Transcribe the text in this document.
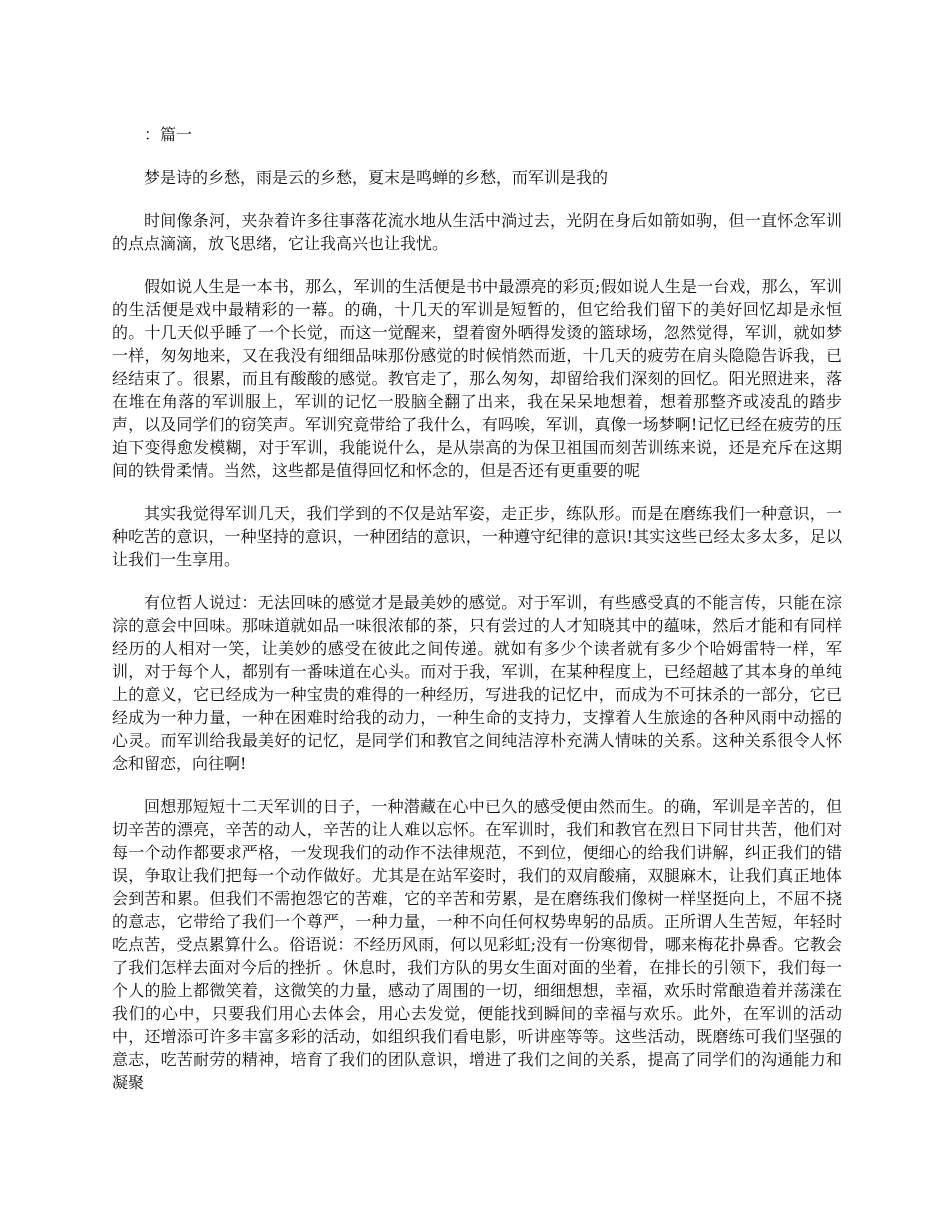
：篇一

梦是诗的乡愁，雨是云的乡愁，夏末是鸣蝉的乡愁，而军训是我的

时间像条河，夹杂着许多往事落花流水地从生活中淌过去，光阴在身后如箭如驹，但一直怀念军训的点点滴滴，放飞思绪，它让我高兴也让我忧。

假如说人生是一本书，那么，军训的生活便是书中最漂亮的彩页;假如说人生是一台戏，那么，军训的生活便是戏中最精彩的一幕。的确，十几天的军训是短暂的，但它给我们留下的美好回忆却是永恒的。十几天似乎睡了一个长觉，而这一觉醒来，望着窗外晒得发烫的篮球场，忽然觉得，军训，就如梦一样，匆匆地来，又在我没有细细品味那份感觉的时候悄然而逝，十几天的疲劳在肩头隐隐告诉我，已经结束了。很累，而且有酸酸的感觉。教官走了，那么匆匆，却留给我们深刻的回忆。阳光照进来，落在堆在角落的军训服上，军训的记忆一股脑全翻了出来，我在呆呆地想着，想着那整齐或凌乱的踏步声，以及同学们的窃笑声。军训究竟带给了我什么，有吗唉，军训，真像一场梦啊!记忆已经在疲劳的压迫下变得愈发模糊，对于军训，我能说什么，是从崇高的为保卫祖国而刻苦训练来说，还是充斥在这期间的铁骨柔情。当然，这些都是值得回忆和怀念的，但是否还有更重要的呢

其实我觉得军训几天，我们学到的不仅是站军姿，走正步，练队形。而是在磨练我们一种意识，一种吃苦的意识，一种坚持的意识，一种团结的意识，一种遵守纪律的意识!其实这些已经太多太多，足以让我们一生享用。

有位哲人说过：无法回味的感觉才是最美妙的感觉。对于军训，有些感受真的不能言传，只能在淙淙的意会中回味。那味道就如品一味很浓郁的茶，只有尝过的人才知晓其中的蕴味，然后才能和有同样经历的人相对一笑，让美妙的感受在彼此之间传递。就如有多少个读者就有多少个哈姆雷特一样，军训，对于每个人，都别有一番味道在心头。而对于我，军训，在某种程度上，已经超越了其本身的单纯上的意义，它已经成为一种宝贵的难得的一种经历，写进我的记忆中，而成为不可抹杀的一部分，它已经成为一种力量，一种在困难时给我的动力，一种生命的支持力，支撑着人生旅途的各种风雨中动摇的心灵。而军训给我最美好的记忆，是同学们和教官之间纯洁淳朴充满人情味的关系。这种关系很令人怀念和留恋，向往啊!

回想那短短十二天军训的日子，一种潜藏在心中已久的感受便由然而生。的确，军训是辛苦的，但切辛苦的漂亮，辛苦的动人，辛苦的让人难以忘怀。在军训时，我们和教官在烈日下同甘共苦，他们对每一个动作都要求严格，一发现我们的动作不法律规范，不到位，便细心的给我们讲解，纠正我们的错误，争取让我们把每一个动作做好。尤其是在站军姿时，我们的双肩酸痛，双腿麻木，让我们真正地体会到苦和累。但我们不需抱怨它的苦难，它的辛苦和劳累，是在磨练我们像树一样坚挺向上，不屈不挠的意志，它带给了我们一个尊严，一种力量，一种不向任何权势卑躬的品质。正所谓人生苦短，年轻时吃点苦，受点累算什么。俗语说：不经历风雨，何以见彩虹;没有一份寒彻骨，哪来梅花扑鼻香。它教会了我们怎样去面对今后的挫折 。休息时，我们方队的男女生面对面的坐着，在排长的引领下，我们每一个人的脸上都微笑着，这微笑的力量，感动了周围的一切，细细想想，幸福，欢乐时常酿造着并荡漾在我们的心中，只要我们用心去体会，用心去发觉，便能找到瞬间的幸福与欢乐。此外，在军训的活动中，还增添可许多丰富多彩的活动，如组织我们看电影，听讲座等等。这些活动，既磨练可我们坚强的意志，吃苦耐劳的精神，培育了我们的团队意识，增进了我们之间的关系，提高了同学们的沟通能力和凝聚
